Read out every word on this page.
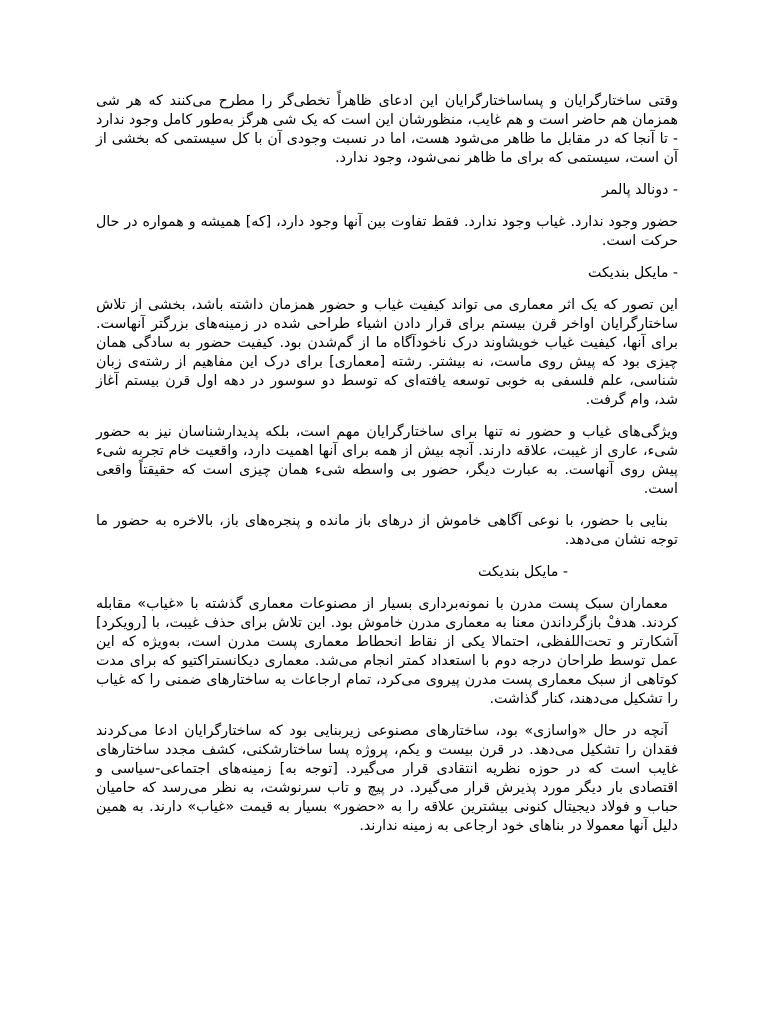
وقتی ساختارگرایان و پساساختارگرایان این ادعای ظاهراً تخطی‌گر را مطرح می‌کنند که هر شی همزمان هم حاضر است و هم غایب، منظورشان این است که یک شی هرگز به‌طور کامل وجود ندارد - تا آنجا که در مقابل ما ظاهر می‌شود هست، اما در نسبت وجودی آن با کل سیستمی که بخشی از آن است، سیستمی که برای ما ظاهر نمی‌شود، وجود ندارد.

- دونالد پالمر

حضور وجود ندارد. غیاب وجود ندارد. فقط تفاوت بین آنها وجود دارد، [که] همیشه و همواره در حال حرکت است.

- مایکل بندیکت

این تصور که یک اثر معماری می تواند کیفیت غیاب و حضور همزمان داشته باشد، بخشی از تلاش ساختارگرایان اواخر قرن بیستم برای قرار دادن اشیاء طراحی شده در زمینه‌های بزرگتر آنهاست. برای آنها، کیفیت غیاب خویشاوند درک ناخودآگاه ما از گم‌شدن بود. کیفیت حضور به سادگی همان چیزی بود که پیش روی ماست، نه بیشتر. رشته [معماری] برای درک این مفاهیم از رشته‌ی زبان شناسی، علم فلسفی به خوبی توسعه یافته‌ای که توسط دو سوسور در دهه اول قرن بیستم آغاز شد، وام گرفت.

ویژگی‌های غیاب و حضور نه تنها برای ساختارگرایان مهم است، بلکه پدیدارشناسان نیز به حضور شیء، عاری از غیبت، علاقه دارند. آنچه بیش از همه برای آنها اهمیت دارد، واقعیت خام تجربه شیء پیش روی آنهاست. به عبارت دیگر، حضور بی واسطه شیء همان چیزی است که حقیقتاً واقعی است.

بنایی با حضور، با نوعی آگاهی خاموش از درهای باز مانده و پنجره‌های باز، بالاخره به حضور ما توجه نشان می‌دهد.

- مایکل بندیکت

معماران سبک پست مدرن با نمونه‌برداری بسیار از مصنوعات معماری گذشته با «غیاب» مقابله کردند. هدفْ بازگرداندن معنا به معماری مدرن خاموش بود. این تلاش برای حذف غیبت، با [رویکرد] آشکارتر و تحت‌اللفظی، احتمالا یکی از نقاط انحطاط معماری پست مدرن است، به‌ویژه که این عمل توسط طراحان درجه دوم با استعداد کمتر انجام می‌شد. معماری دیکانستراکتیو که برای مدت کوتاهی از سبک معماری پست مدرن پیروی می‌کرد، تمام ارجاعات به ساختارهای ضمنی را که غیاب را تشکیل می‌دهند، کنار گذاشت.

آنچه در حال «واسازی» بود، ساختارهای مصنوعی زیربنایی بود که ساختارگرایان ادعا می‌کردند فقدان را تشکیل می‌دهد. در قرن بیست و یکم، پروژه پسا ساختارشکنی، کشف مجدد ساختارهای غایب است که در حوزه نظریه انتقادی قرار می‌گیرد. [توجه به] زمینه‌های اجتماعی-سیاسی و اقتصادی بار دیگر مورد پذیرش قرار می‌گیرد. در پیچ و تاب سرنوشت، به نظر می‌رسد که حامیان حباب و فولاد دیجیتال کنونی بیشترین علاقه را به «حضور» بسیار به قیمت «غیاب» دارند. به همین دلیل آنها معمولا در بناهای خود ارجاعی به زمینه ندارند.
